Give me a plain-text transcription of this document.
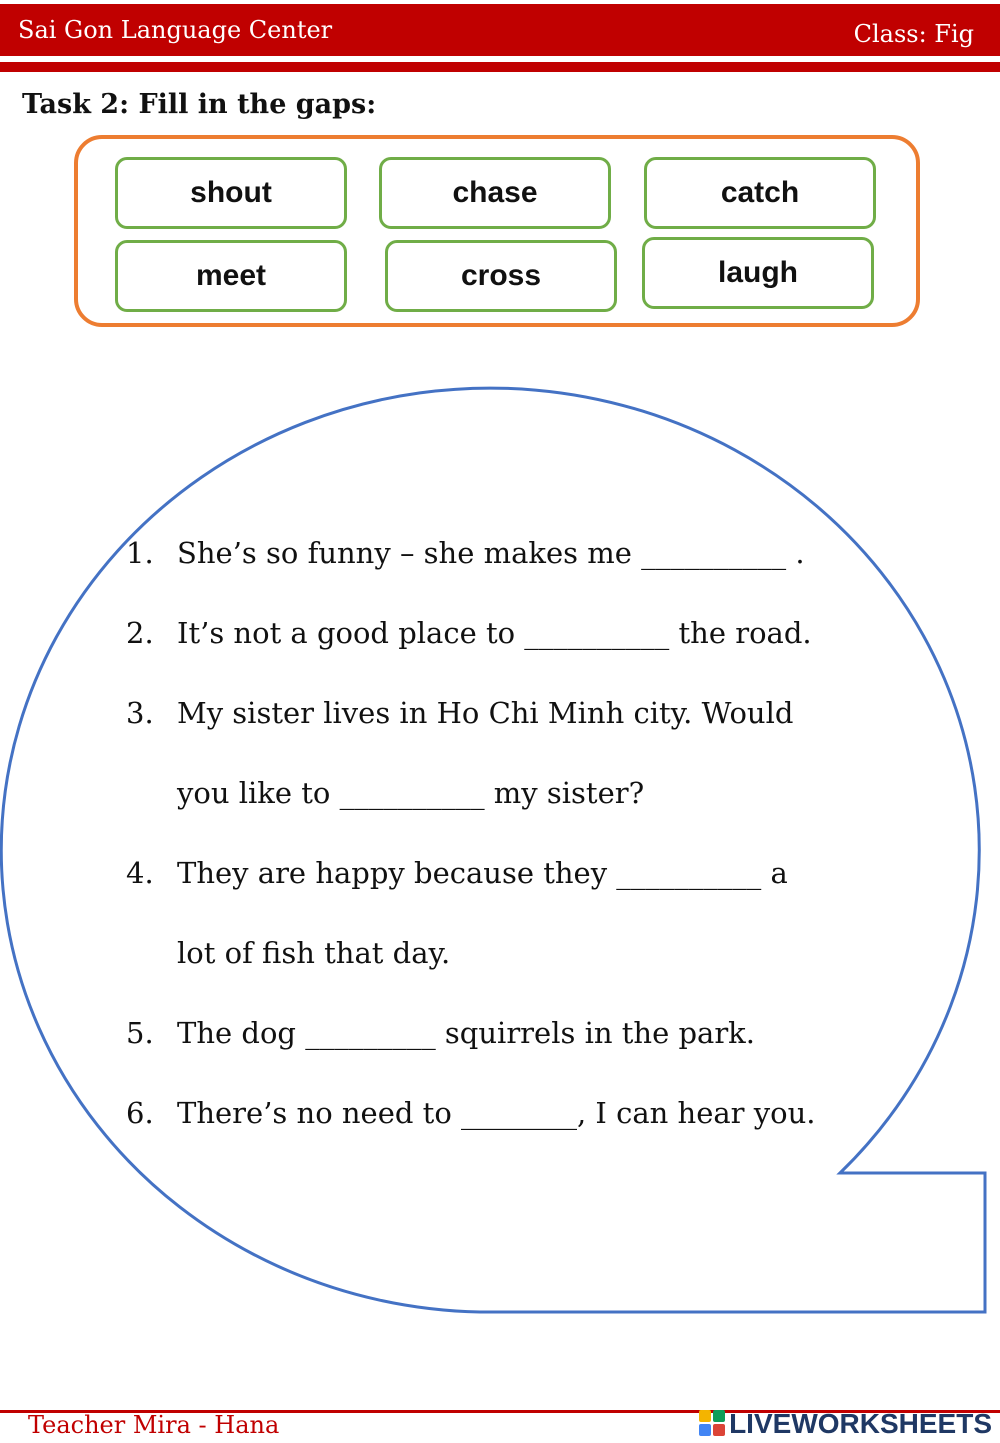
Sai Gon Language Center	Class: Fig
Task 2: Fill in the gaps:
shout	chase	catch
meet	cross	laugh
1. She’s so funny – she makes me __________ .
2. It’s not a good place to __________ the road.
3. My sister lives in Ho Chi Minh city. Would
you like to __________ my sister?
4. They are happy because they __________ a
lot of fish that day.
5. The dog _________ squirrels in the park.
6. There’s no need to ________, I can hear you.
Teacher Mira - Hana	LIVEWORKSHEETS
